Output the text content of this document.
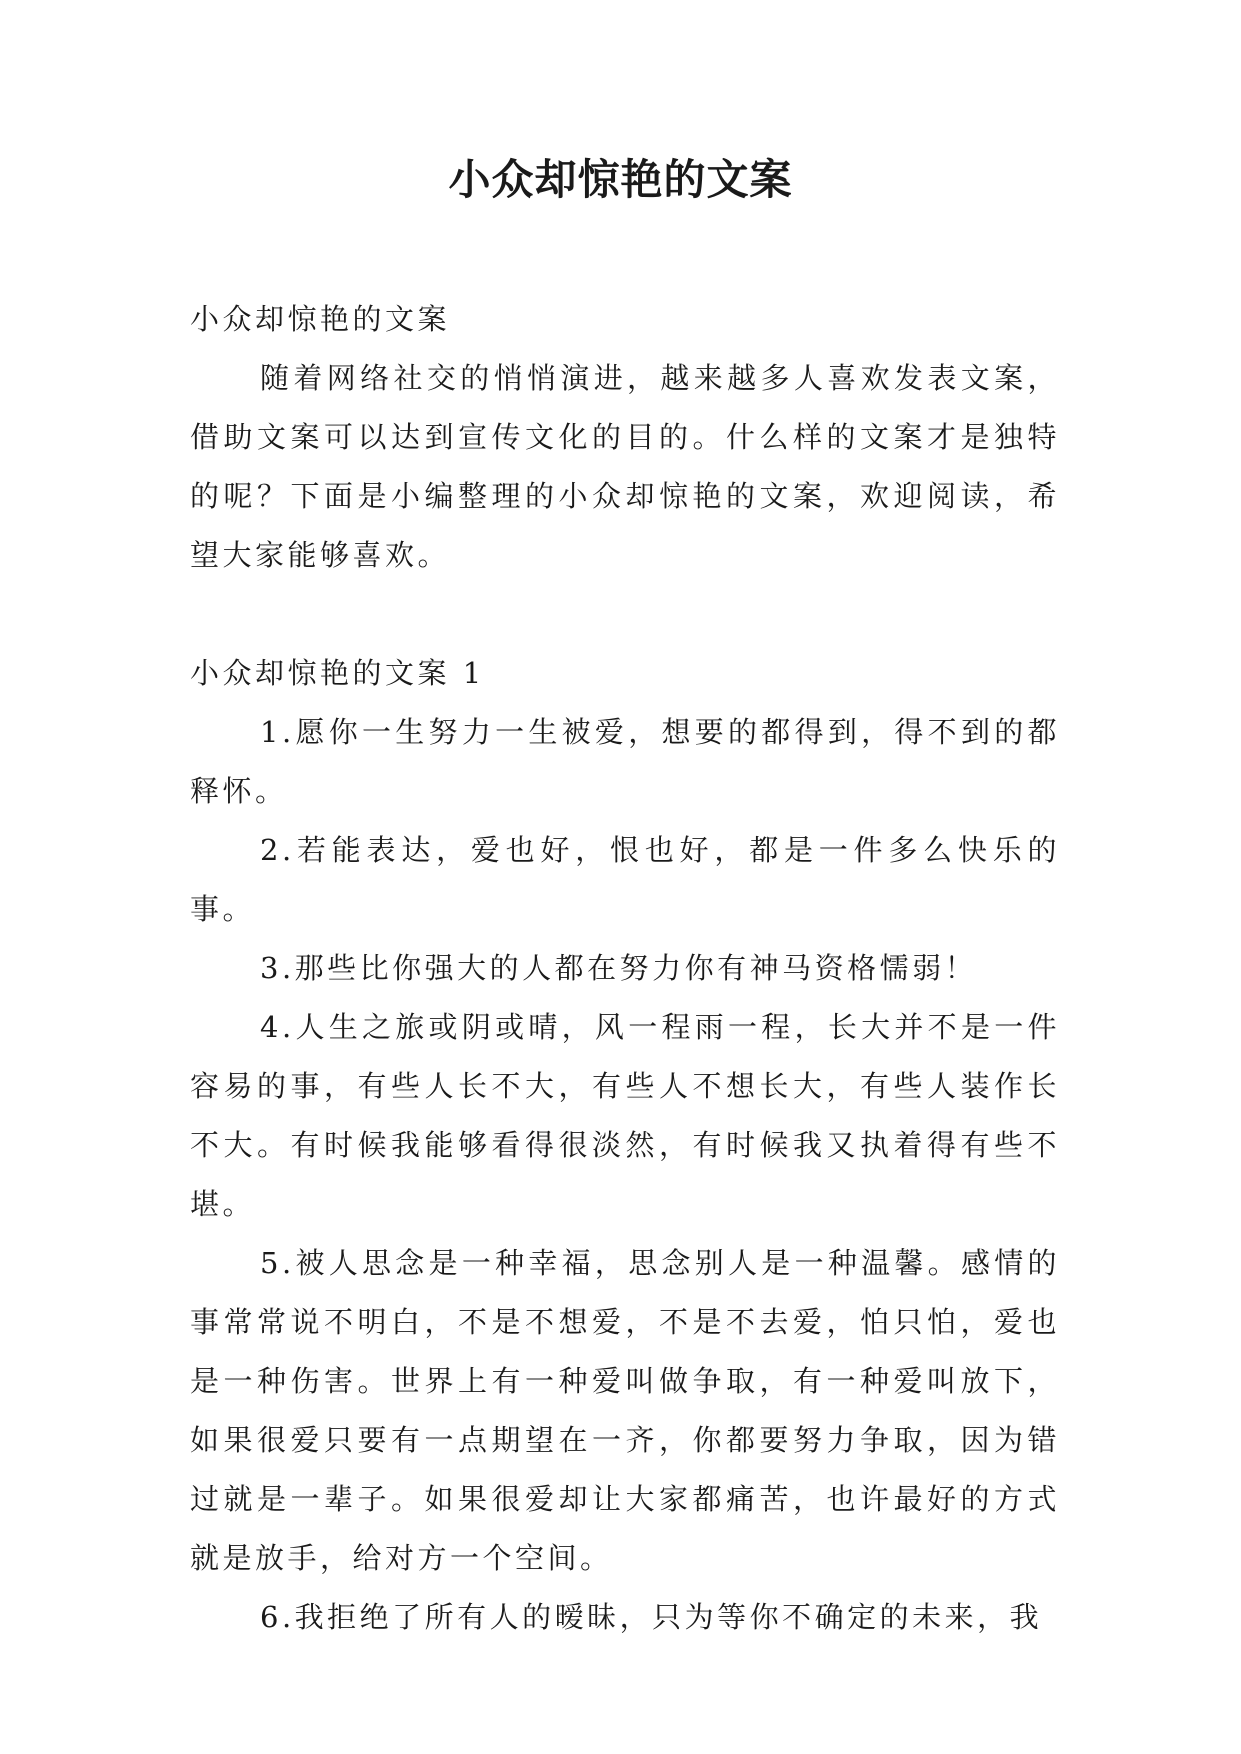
小众却惊艳的文案

小众却惊艳的文案

随着网络社交的悄悄演进，越来越多人喜欢发表文案，借助文案可以达到宣传文化的目的。什么样的文案才是独特的呢？下面是小编整理的小众却惊艳的文案，欢迎阅读，希望大家能够喜欢。

小众却惊艳的文案 1

1.愿你一生努力一生被爱，想要的都得到，得不到的都释怀。

2.若能表达，爱也好，恨也好，都是一件多么快乐的事。

3.那些比你强大的人都在努力你有神马资格懦弱！

4.人生之旅或阴或晴，风一程雨一程，长大并不是一件容易的事，有些人长不大，有些人不想长大，有些人装作长不大。有时候我能够看得很淡然，有时候我又执着得有些不堪。

5.被人思念是一种幸福，思念别人是一种温馨。感情的事常常说不明白，不是不想爱，不是不去爱，怕只怕，爱也是一种伤害。世界上有一种爱叫做争取，有一种爱叫放下，如果很爱只要有一点期望在一齐，你都要努力争取，因为错过就是一辈子。如果很爱却让大家都痛苦，也许最好的方式就是放手，给对方一个空间。

6.我拒绝了所有人的暧昧，只为等你不确定的未来，我
